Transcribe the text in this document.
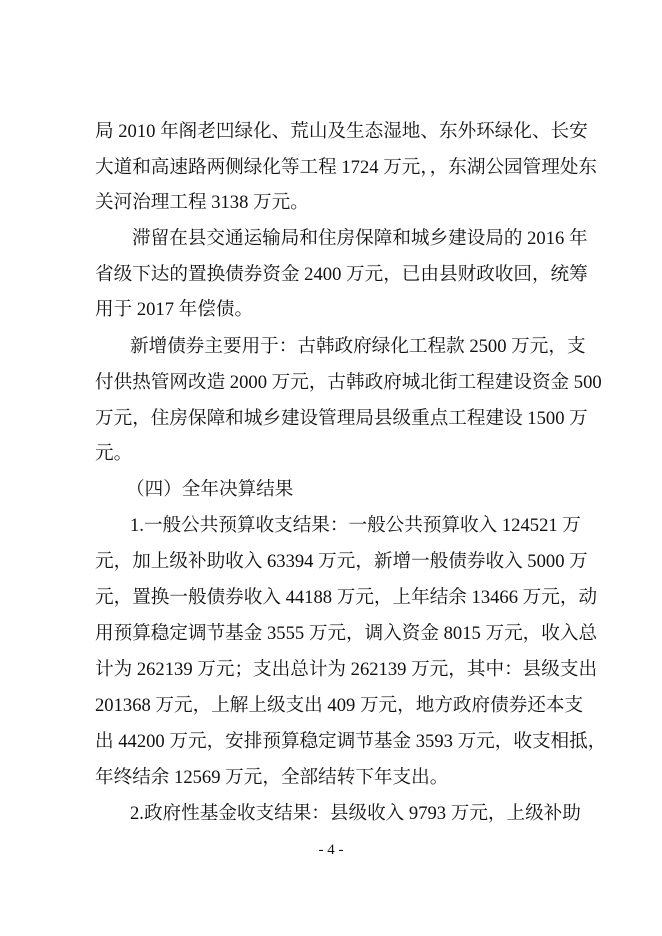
局 2010 年阁老凹绿化、荒山及生态湿地、东外环绿化、长安
大道和高速路两侧绿化等工程 1724 万元，，东湖公园管理处东
关河治理工程 3138 万元。
滞留在县交通运输局和住房保障和城乡建设局的 2016 年
省级下达的置换债券资金 2400 万元，已由县财政收回，统筹
用于 2017 年偿债。
新增债券主要用于：古韩政府绿化工程款 2500 万元，支
付供热管网改造 2000 万元，古韩政府城北街工程建设资金 500
万元，住房保障和城乡建设管理局县级重点工程建设 1500 万
元。
（四）全年决算结果
1.一般公共预算收支结果：一般公共预算收入 124521 万
元，加上级补助收入 63394 万元，新增一般债券收入 5000 万
元，置换一般债券收入 44188 万元，上年结余 13466 万元，动
用预算稳定调节基金 3555 万元，调入资金 8015 万元，收入总
计为 262139 万元；支出总计为 262139 万元，其中：县级支出
201368 万元，上解上级支出 409 万元，地方政府债券还本支
出 44200 万元，安排预算稳定调节基金 3593 万元，收支相抵，
年终结余 12569 万元，全部结转下年支出。
2.政府性基金收支结果：县级收入 9793 万元，上级补助
- 4 -
